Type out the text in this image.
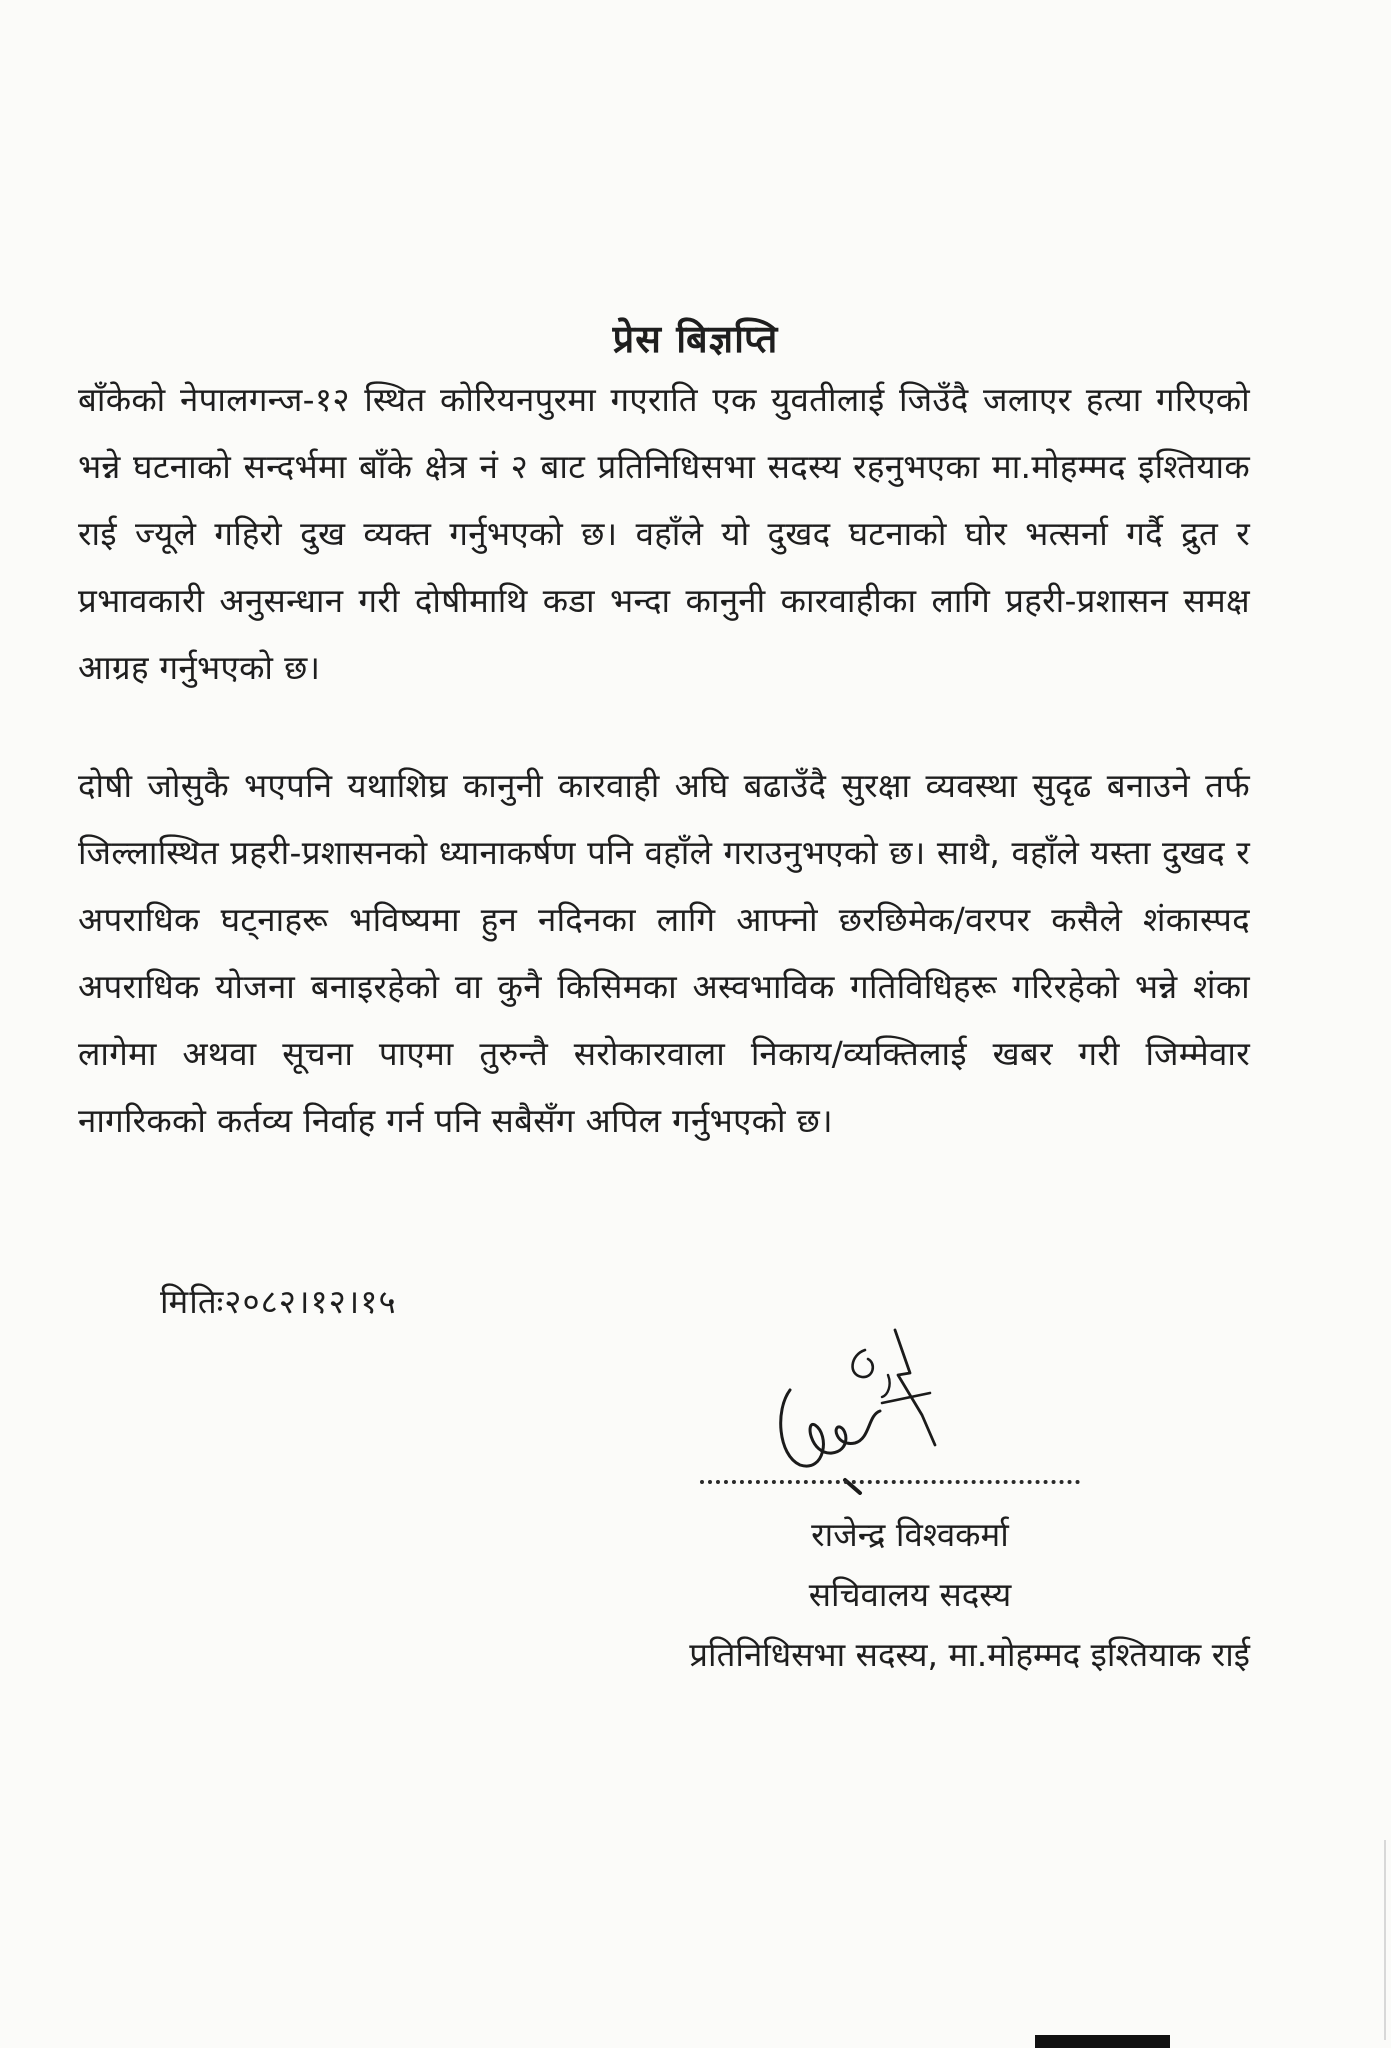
प्रेस बिज्ञप्ति

बाँकेको नेपालगन्ज-१२ स्थित कोरियनपुरमा गएराति एक युवतीलाई जिउँदै जलाएर हत्या गरिएको भन्ने घटनाको सन्दर्भमा बाँके क्षेत्र नं २ बाट प्रतिनिधिसभा सदस्य रहनुभएका मा.मोहम्मद इश्तियाक राई ज्यूले गहिरो दुख व्यक्त गर्नुभएको छ। वहाँले यो दुखद घटनाको घोर भत्सर्ना गर्दै द्रुत र प्रभावकारी अनुसन्धान गरी दोषीमाथि कडा भन्दा कानुनी कारवाहीका लागि प्रहरी-प्रशासन समक्ष आग्रह गर्नुभएको छ।

दोषी जोसुकै भएपनि यथाशिघ्र कानुनी कारवाही अघि बढाउँदै सुरक्षा व्यवस्था सुदृढ बनाउने तर्फ जिल्लास्थित प्रहरी-प्रशासनको ध्यानाकर्षण पनि वहाँले गराउनुभएको छ। साथै, वहाँले यस्ता दुखद र अपराधिक घट्नाहरू भविष्यमा हुन नदिनका लागि आफ्नो छरछिमेक/वरपर कसैले शंकास्पद अपराधिक योजना बनाइरहेको वा कुनै किसिमका अस्वभाविक गतिविधिहरू गरिरहेको भन्ने शंका लागेमा अथवा सूचना पाएमा तुरुन्तै सरोकारवाला निकाय/व्यक्तिलाई खबर गरी जिम्मेवार नागरिकको कर्तव्य निर्वाह गर्न पनि सबैसँग अपिल गर्नुभएको छ।

मितिः२०८२।१२।१५
राजेन्द्र विश्वकर्मा
सचिवालय सदस्य
प्रतिनिधिसभा सदस्य, मा.मोहम्मद इश्तियाक राई
